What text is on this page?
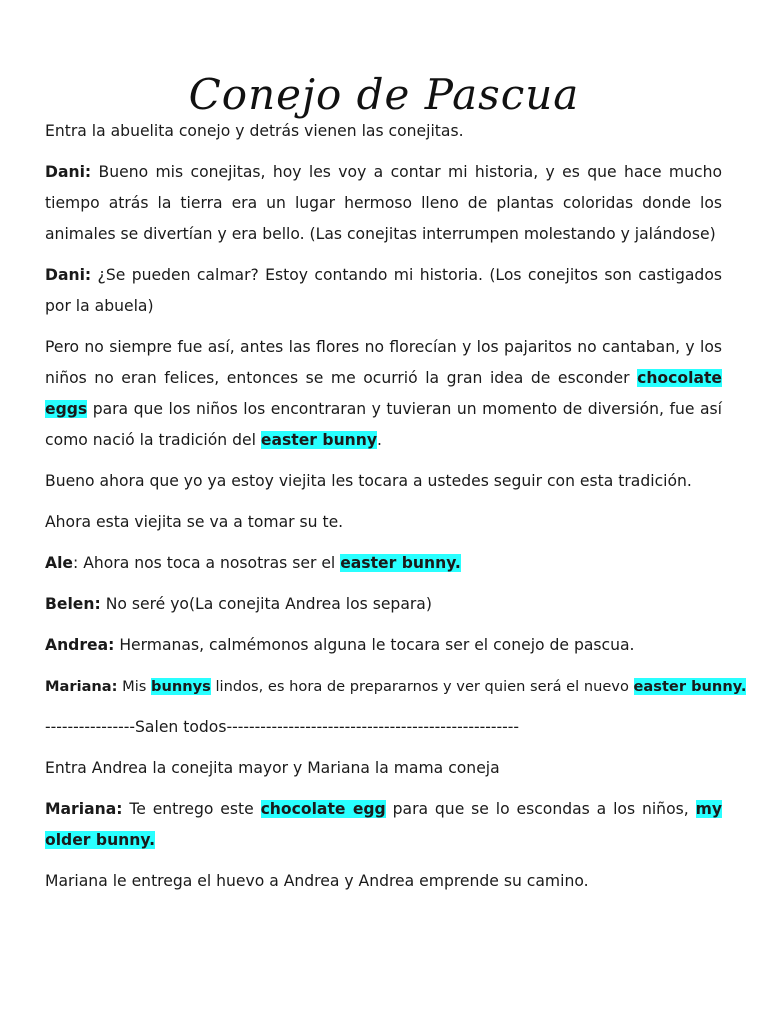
Conejo de Pascua

Entra la abuelita conejo y detrás vienen las conejitas.

Dani: Bueno mis conejitas, hoy les voy a contar mi historia, y es que hace mucho tiempo atrás la tierra era un lugar hermoso lleno de plantas coloridas donde los animales se divertían y era bello. (Las conejitas interrumpen molestando y jalándose)

Dani: ¿Se pueden calmar? Estoy contando mi historia. (Los conejitos son castigados por la abuela)

Pero no siempre fue así, antes las flores no florecían y los pajaritos no cantaban, y los niños no eran felices, entonces se me ocurrió la gran idea de esconder chocolate eggs para que los niños los encontraran y tuvieran un momento de diversión, fue así como nació la tradición del easter bunny.

Bueno ahora que yo ya estoy viejita les tocara a ustedes seguir con esta tradición.

Ahora esta viejita se va a tomar su te.

Ale: Ahora nos toca a nosotras ser el easter bunny.

Belen: No seré yo(La conejita Andrea los separa)

Andrea: Hermanas, calmémonos alguna le tocara ser el conejo de pascua.

Mariana: Mis bunnys lindos, es hora de prepararnos y ver quien será el nuevo easter bunny.

----------------Salen todos----------------------------------------------------

Entra Andrea la conejita mayor y Mariana la mama coneja

Mariana: Te entrego este chocolate egg para que se lo escondas a los niños, my older bunny.

Mariana le entrega el huevo a Andrea y Andrea emprende su camino.
